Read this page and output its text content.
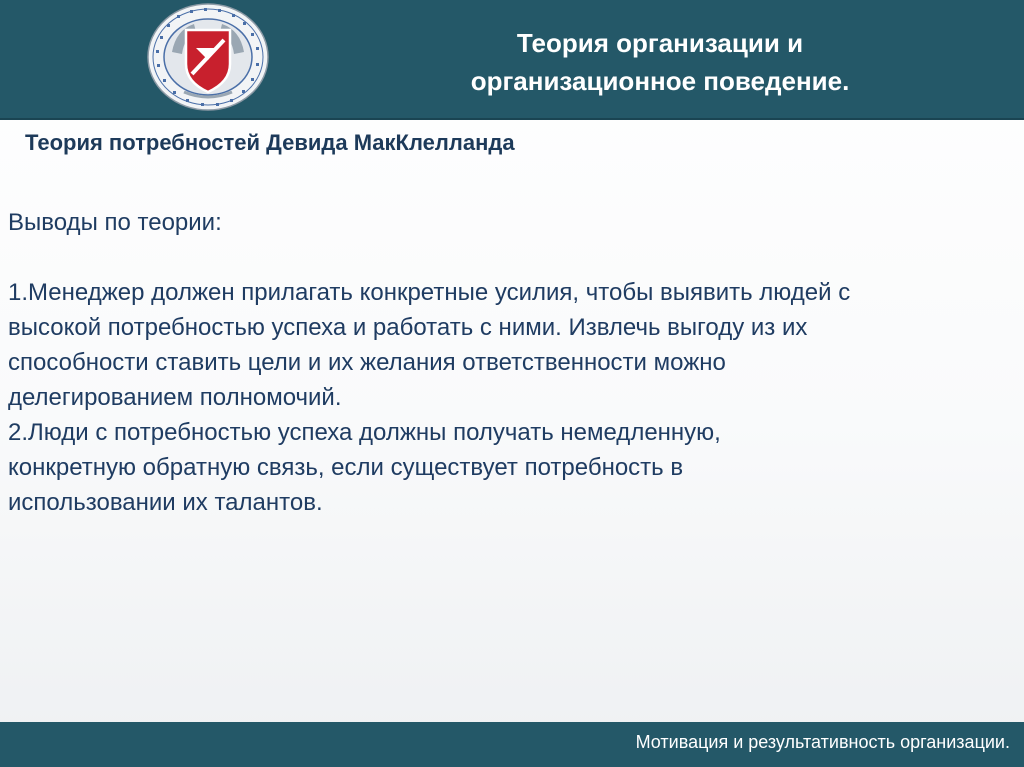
Теория организации и
организационное поведение.
Теория потребностей Девида МакКлелланда

Выводы по теории:

1.Менеджер должен прилагать конкретные усилия, чтобы выявить людей с

высокой потребностью успеха и работать с ними. Извлечь выгоду из их

способности ставить цели и их желания ответственности можно

делегированием полномочий.

2.Люди с потребностью успеха должны получать немедленную,

конкретную обратную связь, если существует потребность в

использовании их талантов.

Мотивация и результативность организации.
